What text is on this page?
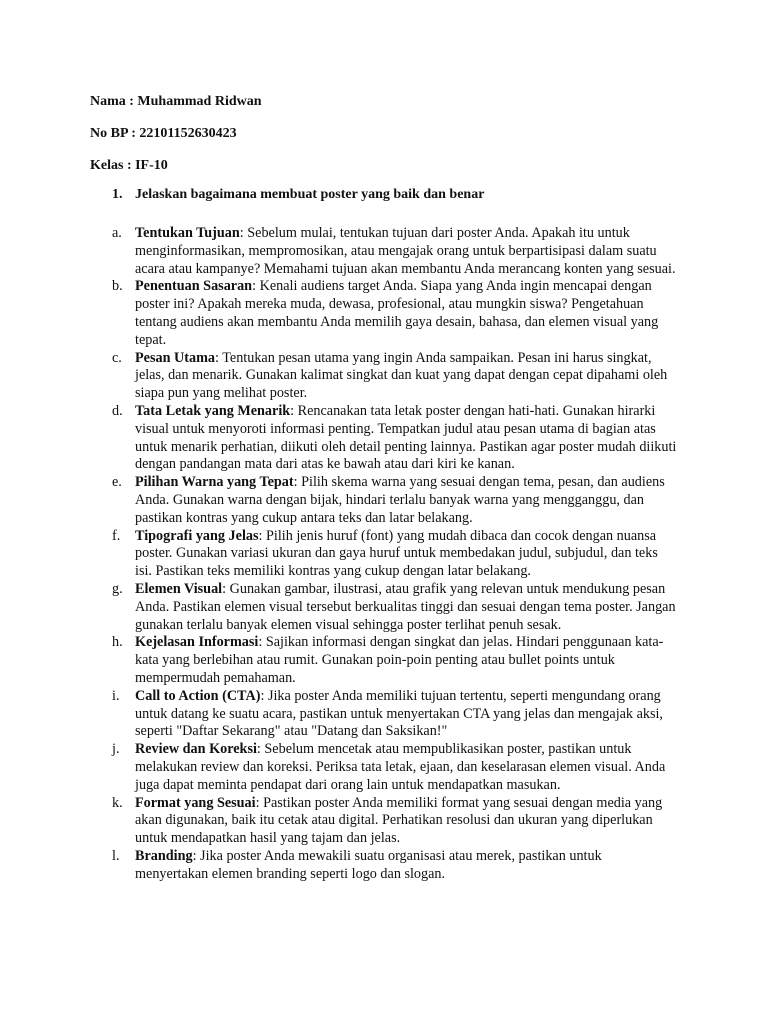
Nama : Muhammad Ridwan
No BP : 22101152630423
Kelas : IF-10
1. Jelaskan bagaimana membuat poster yang baik dan benar
a. Tentukan Tujuan: Sebelum mulai, tentukan tujuan dari poster Anda. Apakah itu untuk menginformasikan, mempromosikan, atau mengajak orang untuk berpartisipasi dalam suatu acara atau kampanye? Memahami tujuan akan membantu Anda merancang konten yang sesuai.
b. Penentuan Sasaran: Kenali audiens target Anda. Siapa yang Anda ingin mencapai dengan poster ini? Apakah mereka muda, dewasa, profesional, atau mungkin siswa? Pengetahuan tentang audiens akan membantu Anda memilih gaya desain, bahasa, dan elemen visual yang tepat.
c. Pesan Utama: Tentukan pesan utama yang ingin Anda sampaikan. Pesan ini harus singkat, jelas, dan menarik. Gunakan kalimat singkat dan kuat yang dapat dengan cepat dipahami oleh siapa pun yang melihat poster.
d. Tata Letak yang Menarik: Rencanakan tata letak poster dengan hati-hati. Gunakan hirarki visual untuk menyoroti informasi penting. Tempatkan judul atau pesan utama di bagian atas untuk menarik perhatian, diikuti oleh detail penting lainnya. Pastikan agar poster mudah diikuti dengan pandangan mata dari atas ke bawah atau dari kiri ke kanan.
e. Pilihan Warna yang Tepat: Pilih skema warna yang sesuai dengan tema, pesan, dan audiens Anda. Gunakan warna dengan bijak, hindari terlalu banyak warna yang mengganggu, dan pastikan kontras yang cukup antara teks dan latar belakang.
f. Tipografi yang Jelas: Pilih jenis huruf (font) yang mudah dibaca dan cocok dengan nuansa poster. Gunakan variasi ukuran dan gaya huruf untuk membedakan judul, subjudul, dan teks isi. Pastikan teks memiliki kontras yang cukup dengan latar belakang.
g. Elemen Visual: Gunakan gambar, ilustrasi, atau grafik yang relevan untuk mendukung pesan Anda. Pastikan elemen visual tersebut berkualitas tinggi dan sesuai dengan tema poster. Jangan gunakan terlalu banyak elemen visual sehingga poster terlihat penuh sesak.
h. Kejelasan Informasi: Sajikan informasi dengan singkat dan jelas. Hindari penggunaan kata-kata yang berlebihan atau rumit. Gunakan poin-poin penting atau bullet points untuk mempermudah pemahaman.
i. Call to Action (CTA): Jika poster Anda memiliki tujuan tertentu, seperti mengundang orang untuk datang ke suatu acara, pastikan untuk menyertakan CTA yang jelas dan mengajak aksi, seperti "Daftar Sekarang" atau "Datang dan Saksikan!"
j. Review dan Koreksi: Sebelum mencetak atau mempublikasikan poster, pastikan untuk melakukan review dan koreksi. Periksa tata letak, ejaan, dan keselarasan elemen visual. Anda juga dapat meminta pendapat dari orang lain untuk mendapatkan masukan.
k. Format yang Sesuai: Pastikan poster Anda memiliki format yang sesuai dengan media yang akan digunakan, baik itu cetak atau digital. Perhatikan resolusi dan ukuran yang diperlukan untuk mendapatkan hasil yang tajam dan jelas.
l. Branding: Jika poster Anda mewakili suatu organisasi atau merek, pastikan untuk menyertakan elemen branding seperti logo dan slogan.
